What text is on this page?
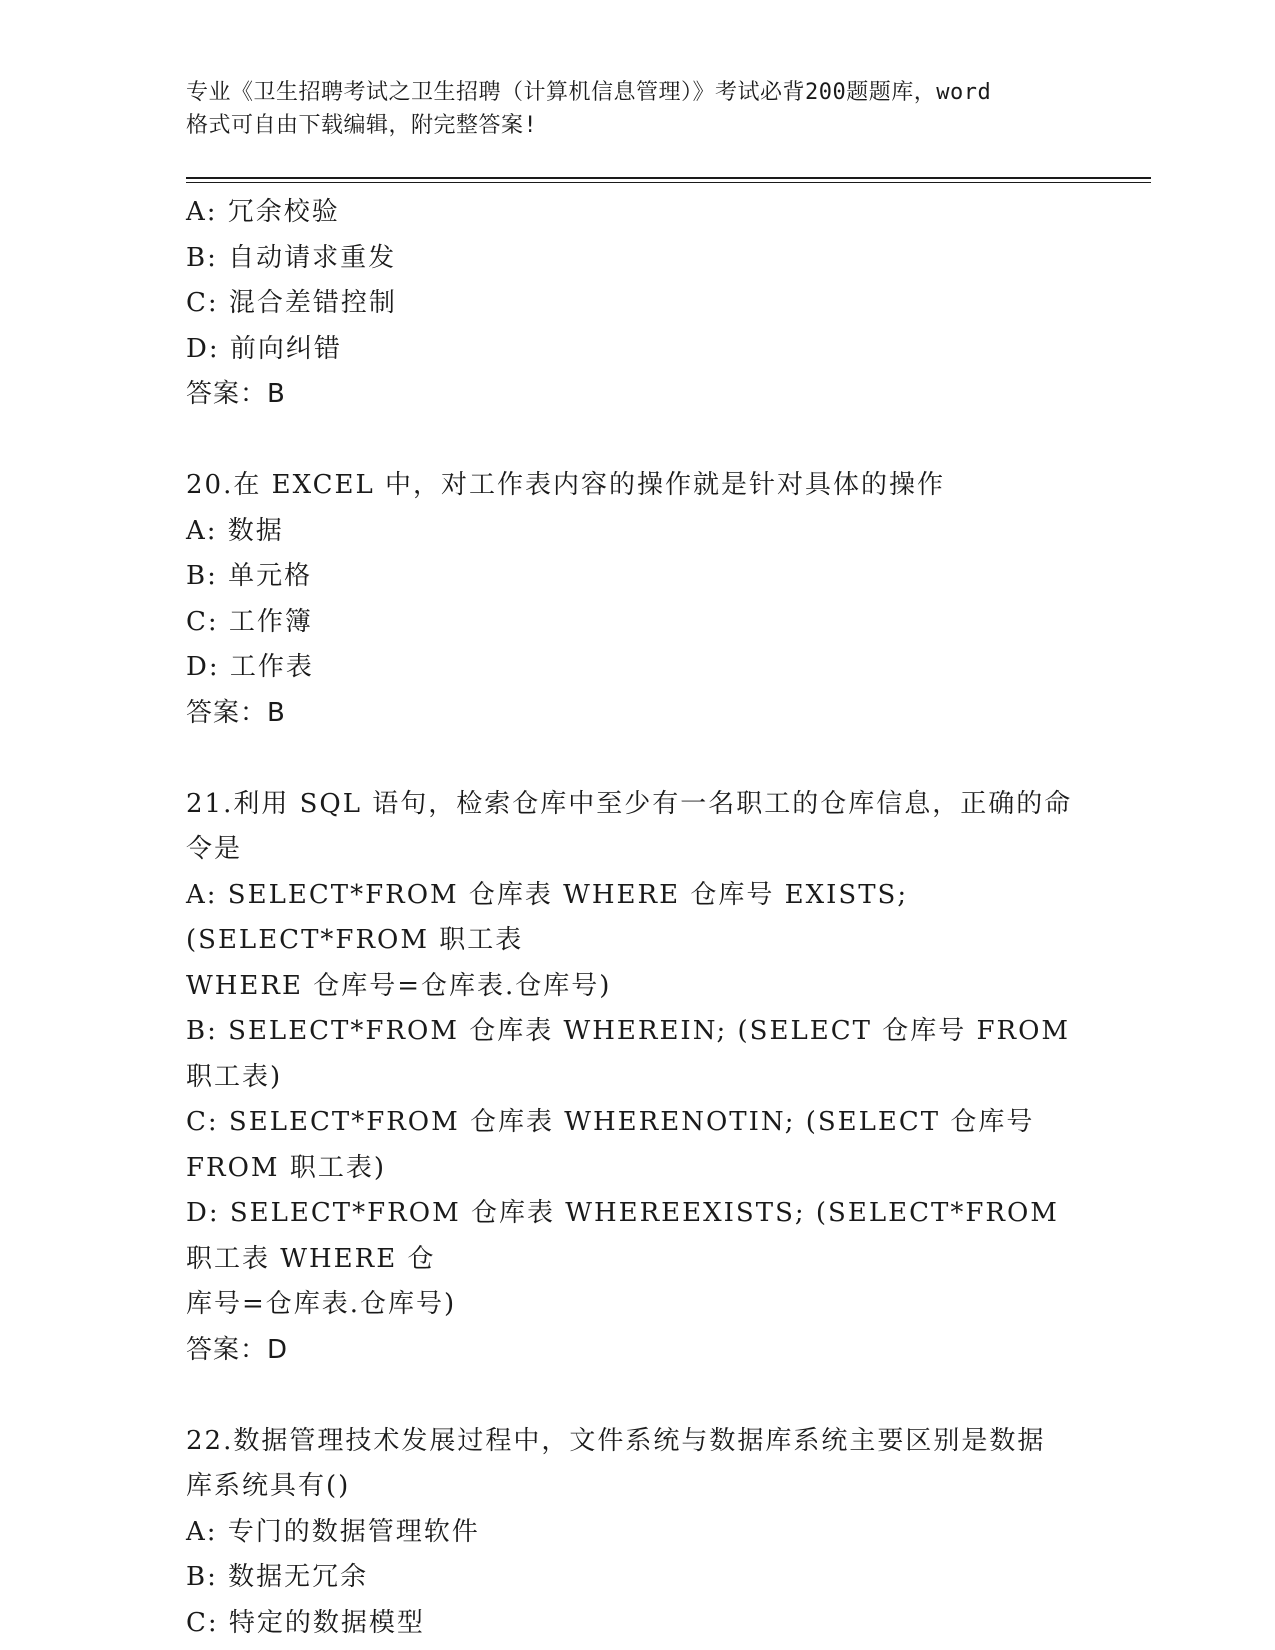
专业《卫生招聘考试之卫生招聘（计算机信息管理）》考试必背200题题库，word
格式可自由下载编辑，附完整答案!
A: 冗余校验
B: 自动请求重发
C: 混合差错控制
D: 前向纠错
答案：B
20.在 EXCEL 中，对工作表内容的操作就是针对具体的操作
A: 数据
B: 单元格
C: 工作簿
D: 工作表
答案：B
21.利用 SQL 语句，检索仓库中至少有一名职工的仓库信息，正确的命
令是
A: SELECT*FROM 仓库表 WHERE 仓库号 EXISTS; (SELECT*FROM 职工表
WHERE 仓库号=仓库表.仓库号)
B: SELECT*FROM 仓库表 WHEREIN; (SELECT 仓库号 FROM 职工表)
C: SELECT*FROM 仓库表 WHERENOTIN; (SELECT 仓库号 FROM 职工表)
D: SELECT*FROM 仓库表 WHEREEXISTS; (SELECT*FROM 职工表 WHERE 仓
库号=仓库表.仓库号)
答案：D
22.数据管理技术发展过程中，文件系统与数据库系统主要区别是数据
库系统具有()
A: 专门的数据管理软件
B: 数据无冗余
C: 特定的数据模型
